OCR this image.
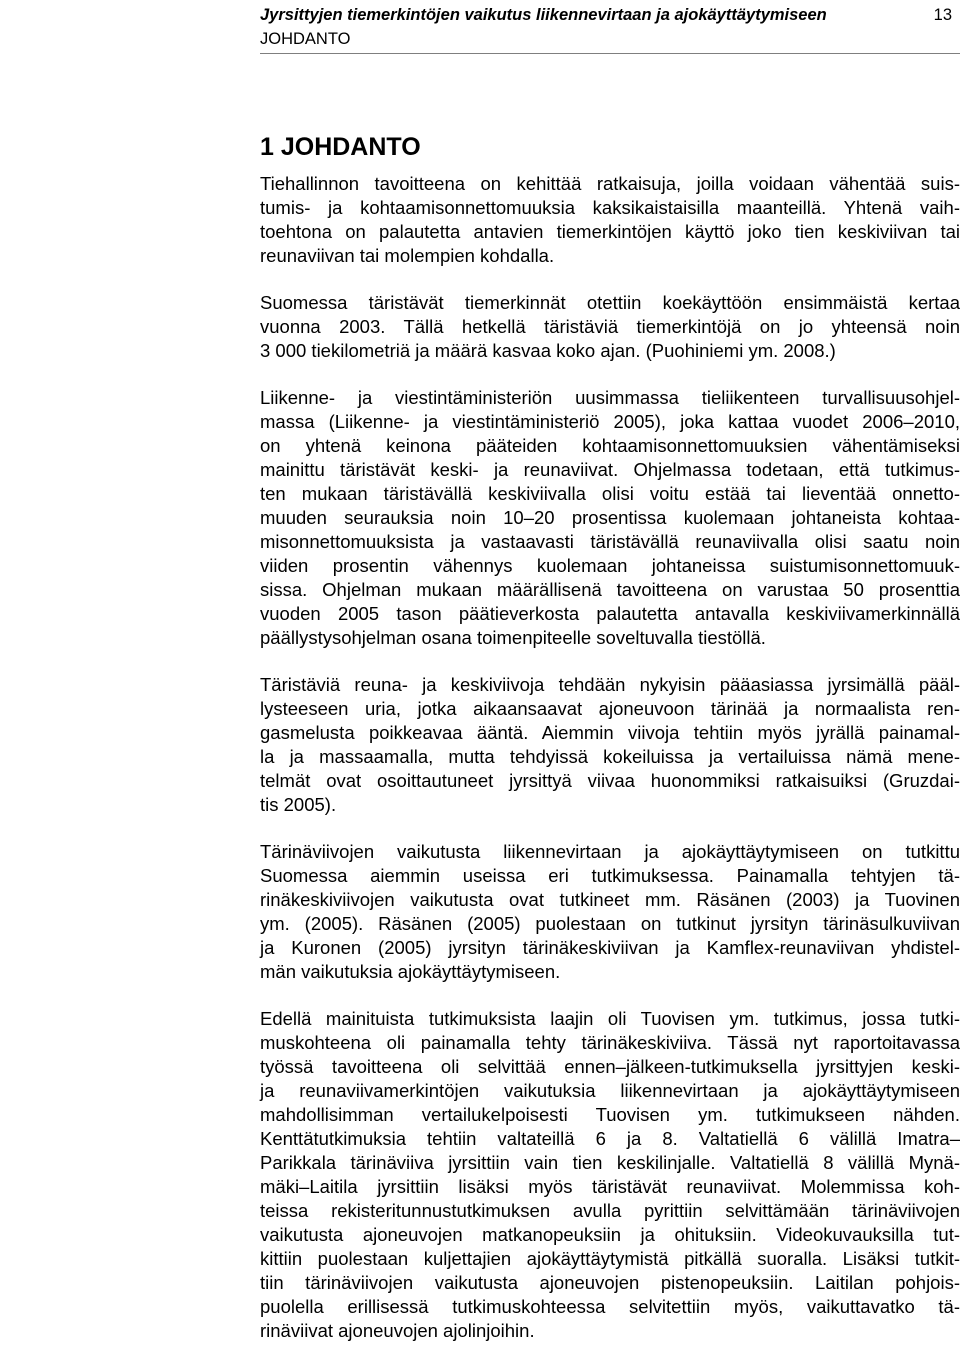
Jyrsittyjen tiemerkintöjen vaikutus liikennevirtaan ja ajokäyttäytymiseen	13
JOHDANTO
1 JOHDANTO

Tiehallinnon tavoitteena on kehittää ratkaisuja, joilla voidaan vähentää suis-
tumis- ja kohtaamisonnettomuuksia kaksikaistaisilla maanteillä. Yhtenä vaih-
toehtona on palautetta antavien tiemerkintöjen käyttö joko tien keskiviivan tai
reunaviivan tai molempien kohdalla.

Suomessa täristävät tiemerkinnät otettiin koekäyttöön ensimmäistä kertaa
vuonna 2003. Tällä hetkellä täristäviä tiemerkintöjä on jo yhteensä noin
3 000 tiekilometriä ja määrä kasvaa koko ajan. (Puohiniemi ym. 2008.)

Liikenne- ja viestintäministeriön uusimmassa tieliikenteen turvallisuusohjel-
massa (Liikenne- ja viestintäministeriö 2005), joka kattaa vuodet 2006–2010,
on yhtenä keinona pääteiden kohtaamisonnettomuuksien vähentämiseksi
mainittu täristävät keski- ja reunaviivat. Ohjelmassa todetaan, että tutkimus-
ten mukaan täristävällä keskiviivalla olisi voitu estää tai lieventää onnetto-
muuden seurauksia noin 10–20 prosentissa kuolemaan johtaneista kohtaa-
misonnettomuuksista ja vastaavasti täristävällä reunaviivalla olisi saatu noin
viiden prosentin vähennys kuolemaan johtaneissa suistumisonnettomuuk-
sissa. Ohjelman mukaan määrällisenä tavoitteena on varustaa 50 prosenttia
vuoden 2005 tason päätieverkosta palautetta antavalla keskiviivamerkinnällä
päällystysohjelman osana toimenpiteelle soveltuvalla tiestöllä.

Täristäviä reuna- ja keskiviivoja tehdään nykyisin pääasiassa jyrsimällä pääl-
lysteeseen uria, jotka aikaansaavat ajoneuvoon tärinää ja normaalista ren-
gasmelusta poikkeavaa ääntä. Aiemmin viivoja tehtiin myös jyrällä painamal-
la ja massaamalla, mutta tehdyissä kokeiluissa ja vertailuissa nämä mene-
telmät ovat osoittautuneet jyrsittyä viivaa huonommiksi ratkaisuiksi (Gruzdai-
tis 2005).

Tärinäviivojen vaikutusta liikennevirtaan ja ajokäyttäytymiseen on tutkittu
Suomessa aiemmin useissa eri tutkimuksessa. Painamalla tehtyjen tä-
rinäkeskiviivojen vaikutusta ovat tutkineet mm. Räsänen (2003) ja Tuovinen
ym. (2005). Räsänen (2005) puolestaan on tutkinut jyrsityn tärinäsulkuviivan
ja Kuronen (2005) jyrsityn tärinäkeskiviivan ja Kamflex-reunaviivan yhdistel-
män vaikutuksia ajokäyttäytymiseen.

Edellä mainituista tutkimuksista laajin oli Tuovisen ym. tutkimus, jossa tutki-
muskohteena oli painamalla tehty tärinäkeskiviiva. Tässä nyt raportoitavassa
työssä tavoitteena oli selvittää ennen–jälkeen-tutkimuksella jyrsittyjen keski-
ja reunaviivamerkintöjen vaikutuksia liikennevirtaan ja ajokäyttäytymiseen
mahdollisimman vertailukelpoisesti Tuovisen ym. tutkimukseen nähden.
Kenttätutkimuksia tehtiin valtateillä 6 ja 8. Valtatiellä 6 välillä Imatra–
Parikkala tärinäviiva jyrsittiin vain tien keskilinjalle. Valtatiellä 8 välillä Mynä-
mäki–Laitila jyrsittiin lisäksi myös täristävät reunaviivat. Molemmissa koh-
teissa rekisteritunnustutkimuksen avulla pyrittiin selvittämään tärinäviivojen
vaikutusta ajoneuvojen matkanopeuksiin ja ohituksiin. Videokuvauksilla tut-
kittiin puolestaan kuljettajien ajokäyttäytymistä pitkällä suoralla. Lisäksi tutkit-
tiin tärinäviivojen vaikutusta ajoneuvojen pistenopeuksiin. Laitilan pohjois-
puolella erillisessä tutkimuskohteessa selvitettiin myös, vaikuttavatko tä-
rinäviivat ajoneuvojen ajolinjoihin.
